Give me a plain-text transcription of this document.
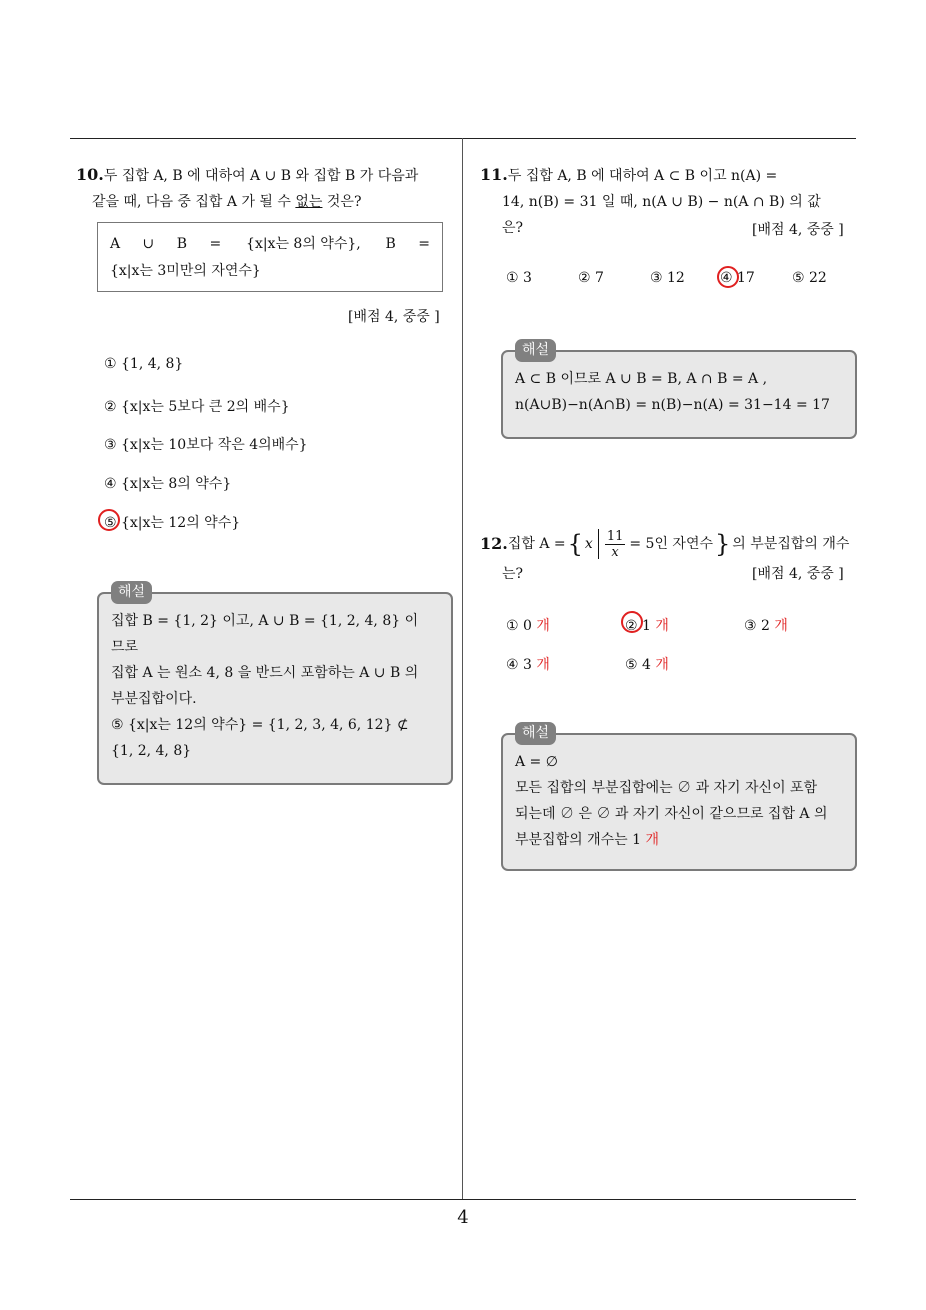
10.두 집합 A, B 에 대하여 A ∪ B 와 집합 B 가 다음과
같을 때, 다음 중 집합 A 가 될 수 없는 것은?
A ∪ B = {x|x는 8의 약수}, B =
{x|x는 3미만의 자연수}
[배점 4, 중중 ]
① {1, 4, 8}
② {x|x는 5보다 큰 2의 배수}
③ {x|x는 10보다 작은 4의배수}
④ {x|x는 8의 약수}
⑤ {x|x는 12의 약수}
해설
집합 B = {1, 2} 이고, A ∪ B = {1, 2, 4, 8} 이
므로
집합 A 는 원소 4, 8 을 반드시 포함하는 A ∪ B 의
부분집합이다.
⑤ {x|x는 12의 약수} = {1, 2, 3, 4, 6, 12} ⊄
{1, 2, 4, 8}
11.두 집합 A, B 에 대하여 A ⊂ B 이고 n(A) =
14, n(B) = 31 일 때, n(A ∪ B) − n(A ∩ B) 의 값
은?	[배점 4, 중중 ]
① 3	② 7	③ 12	④ 17	⑤ 22
해설
A ⊂ B 이므로 A ∪ B = B, A ∩ B = A ,
n(A∪B)−n(A∩B) = n(B)−n(A) = 31−14 = 17
12. 집합 A = { x $\frac{11}{x} = 5$인 자연수 } 의 부분집합의 개수
는?	[배점 4, 중중 ]
① 0 개	② 1 개	③ 2 개
④ 3 개	⑤ 4 개
해설
A = ∅
모든 집합의 부분집합에는 ∅ 과 자기 자신이 포함
되는데 ∅ 은 ∅ 과 자기 자신이 같으므로 집합 A 의
부분집합의 개수는 1 개
4
